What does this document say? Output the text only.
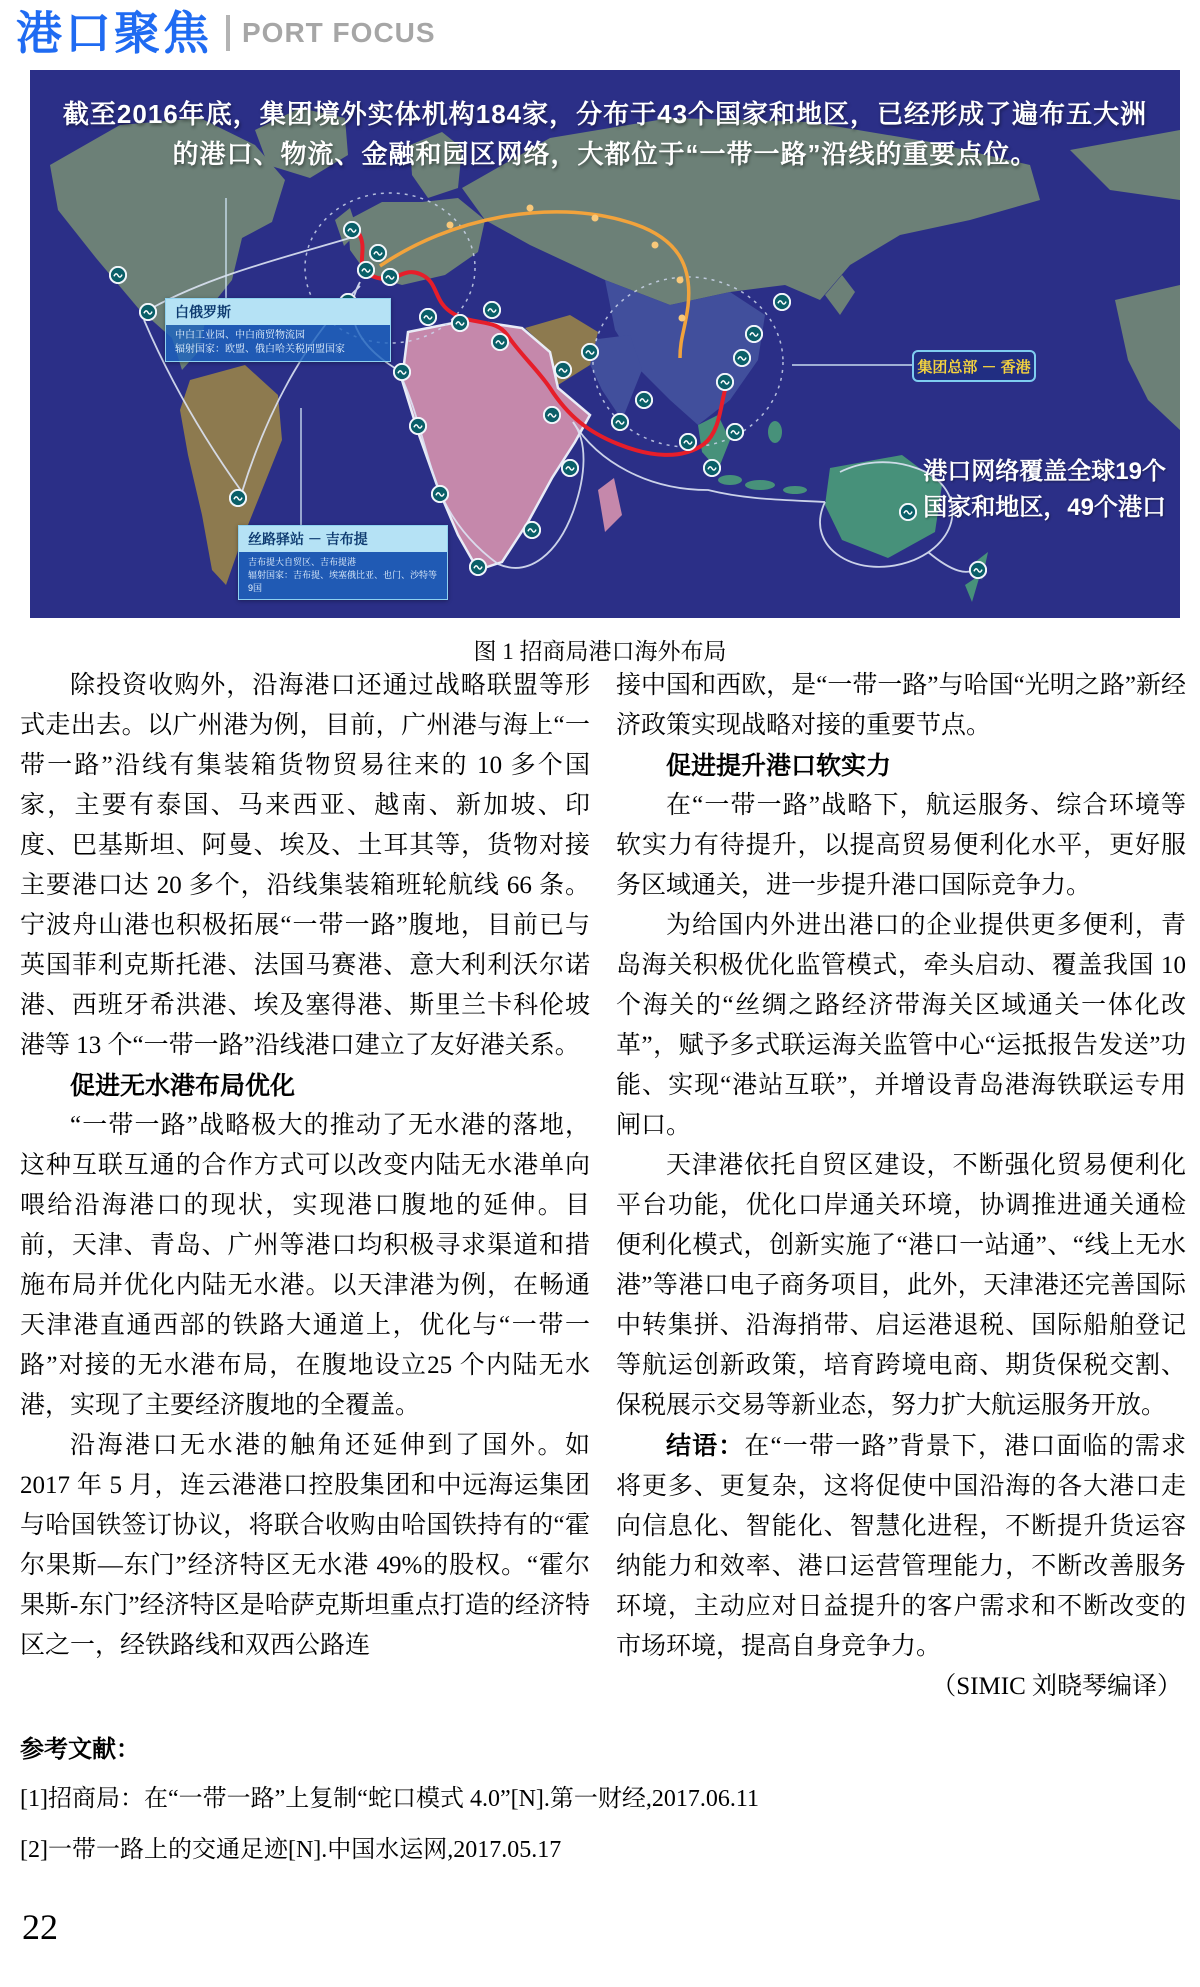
港口聚焦 PORT FOCUS
截至2016年底，集团境外实体机构184家，分布于43个国家和地区，已经形成了遍布五大洲
的港口、物流、金融和园区网络，大都位于“一带一路”沿线的重要点位。
白俄罗斯
中白工业园、中白商贸物流园
辐射国家：欧盟、俄白哈关税同盟国家
丝路驿站 － 吉布提
吉布提大自贸区、吉布提港
辐射国家：吉布提、埃塞俄比亚、也门、沙特等9国
集团总部 － 香港
港口网络覆盖全球19个
国家和地区，49个港口
图 1 招商局港口海外布局

除投资收购外，沿海港口还通过战略联盟等形式走出去。以广州港为例，目前，广州港与海上“一带一路”沿线有集装箱货物贸易往来的 10 多个国家，主要有泰国、马来西亚、越南、新加坡、印度、巴基斯坦、阿曼、埃及、土耳其等，货物对接主要港口达 20 多个，沿线集装箱班轮航线 66 条。宁波舟山港也积极拓展“一带一路”腹地，目前已与英国菲利克斯托港、法国马赛港、意大利利沃尔诺港、西班牙希洪港、埃及塞得港、斯里兰卡科伦坡港等 13 个“一带一路”沿线港口建立了友好港关系。

促进无水港布局优化

“一带一路”战略极大的推动了无水港的落地，这种互联互通的合作方式可以改变内陆无水港单向喂给沿海港口的现状，实现港口腹地的延伸。目前，天津、青岛、广州等港口均积极寻求渠道和措施布局并优化内陆无水港。以天津港为例，在畅通天津港直通西部的铁路大通道上，优化与“一带一路”对接的无水港布局，在腹地设立25 个内陆无水港，实现了主要经济腹地的全覆盖。

沿海港口无水港的触角还延伸到了国外。如2017 年 5 月，连云港港口控股集团和中远海运集团与哈国铁签订协议，将联合收购由哈国铁持有的“霍尔果斯—东门”经济特区无水港 49%的股权。“霍尔果斯-东门”经济特区是哈萨克斯坦重点打造的经济特区之一，经铁路线和双西公路连

接中国和西欧，是“一带一路”与哈国“光明之路”新经济政策实现战略对接的重要节点。

促进提升港口软实力

在“一带一路”战略下，航运服务、综合环境等软实力有待提升，以提高贸易便利化水平，更好服务区域通关，进一步提升港口国际竞争力。

为给国内外进出港口的企业提供更多便利，青岛海关积极优化监管模式，牵头启动、覆盖我国 10 个海关的“丝绸之路经济带海关区域通关一体化改革”，赋予多式联运海关监管中心“运抵报告发送”功能、实现“港站互联”，并增设青岛港海铁联运专用闸口。

天津港依托自贸区建设，不断强化贸易便利化平台功能，优化口岸通关环境，协调推进通关通检便利化模式，创新实施了“港口一站通”、“线上无水港”等港口电子商务项目，此外，天津港还完善国际中转集拼、沿海捎带、启运港退税、国际船舶登记等航运创新政策，培育跨境电商、期货保税交割、保税展示交易等新业态，努力扩大航运服务开放。

结语：在“一带一路”背景下，港口面临的需求将更多、更复杂，这将促使中国沿海的各大港口走向信息化、智能化、智慧化进程，不断提升货运容纳能力和效率、港口运营管理能力，不断改善服务环境，主动应对日益提升的客户需求和不断改变的市场环境，提高自身竞争力。

（SIMIC 刘晓琴编译）

参考文献：

[1]招商局：在“一带一路”上复制“蛇口模式 4.0”[N].第一财经,2017.06.11

[2]一带一路上的交通足迹[N].中国水运网,2017.05.17

22
